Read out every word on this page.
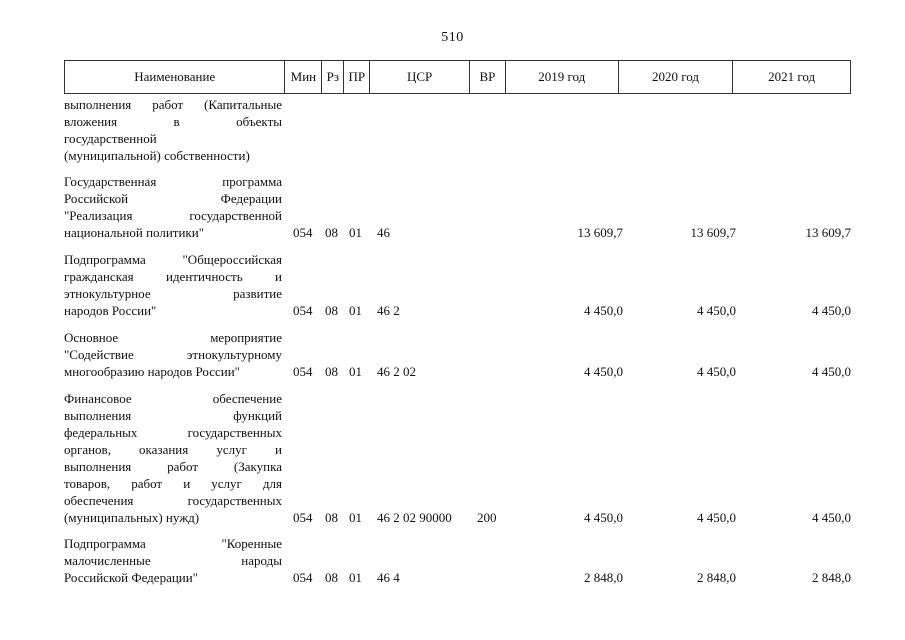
510
Наименование	Мин Рз ПР	ЦСР	ВР	2019 год	2020 год	2021 год
выполнения работ (Капитальные
вложения в объекты
государственной
(муниципальной) собственности)
Государственная программа
Российской Федерации
"Реализация государственной
национальной политики"	054 08 01 46	13 609,7	13 609,7	13 609,7
Подпрограмма "Общероссийская
гражданская идентичность и
этнокультурное развитие
народов России"	054 08 01 46 2	4 450,0	4 450,0	4 450,0
Основное мероприятие
"Содействие этнокультурному
многообразию народов России"	054 08 01 46 2 02	4 450,0	4 450,0	4 450,0
Финансовое обеспечение
выполнения функций
федеральных государственных
органов, оказания услуг и
выполнения работ (Закупка
товаров, работ и услуг для
обеспечения государственных
(муниципальных) нужд)	054 08 01 46 2 02 90000 200	4 450,0	4 450,0	4 450,0
Подпрограмма "Коренные
малочисленные народы
Российской Федерации"	054 08 01 46 4	2 848,0	2 848,0	2 848,0
